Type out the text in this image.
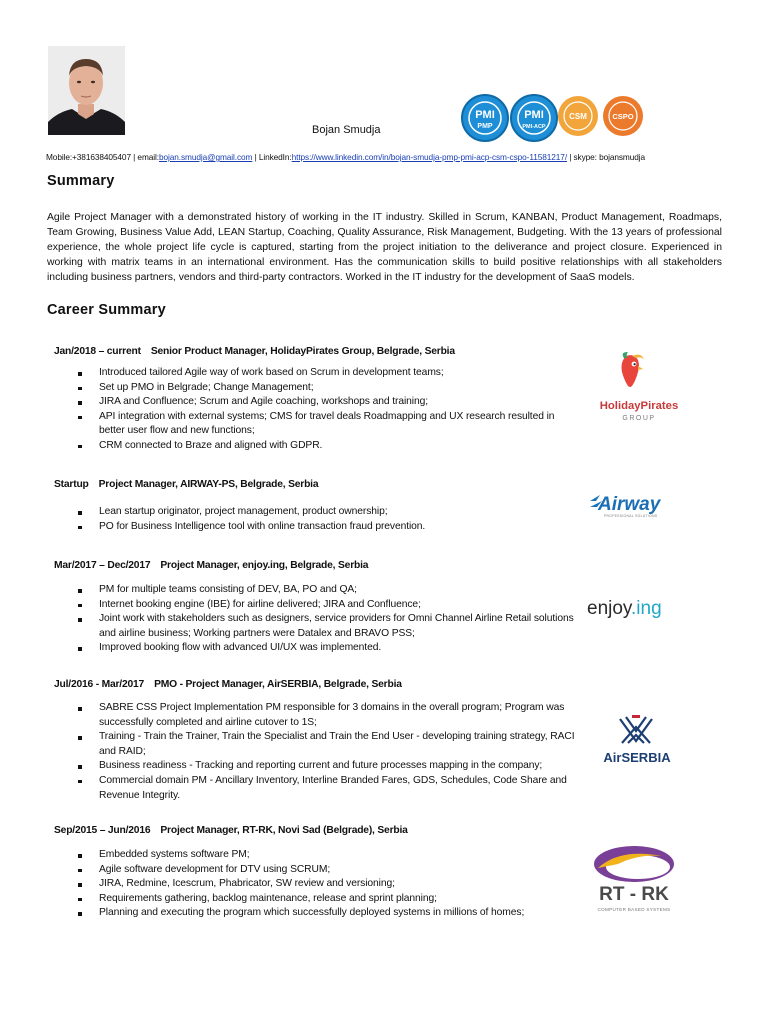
Bojan Smudja
PMI
PMP
PMI
PMI-ACP
CSM	CSPO
Mobile:+381638405407 | email:bojan.smudja@gmail.com | LinkedIn:https://www.linkedin.com/in/bojan-smudja-pmp-pmi-acp-csm-cspo-11581217/ | skype: bojansmudja
Summary
Agile Project Manager with a demonstrated history of working in the IT industry. Skilled in Scrum, KANBAN, Product Management, Roadmaps, Team Growing, Business Value Add, LEAN Startup, Coaching, Quality Assurance, Risk Management, Budgeting. With the 13 years of professional experience, the whole project life cycle is captured, starting from the project initiation to the deliverance and project closure. Experienced in working with matrix teams in an international environment. Has the communication skills to build positive relationships with all stakeholders including business partners, vendors and third-party contractors. Worked in the IT industry for the development of SaaS models.
Career Summary
Jan/2018 – current Senior Product Manager, HolidayPirates Group, Belgrade, Serbia
Introduced tailored Agile way of work based on Scrum in development teams;
Set up PMO in Belgrade; Change Management;
JIRA and Confluence; Scrum and Agile coaching, workshops and training;
API integration with external systems; CMS for travel deals Roadmapping and UX research resulted in better user flow and new functions;
CRM connected to Braze and aligned with GDPR.
HolidayPirates
GROUP
Startup Project Manager, AIRWAY-PS, Belgrade, Serbia
Lean startup originator, project management, product ownership;
PO for Business Intelligence tool with online transaction fraud prevention.
Airway
PROFESSIONAL SOLUTIONS
Mar/2017 – Dec/2017 Project Manager, enjoy.ing, Belgrade, Serbia
PM for multiple teams consisting of DEV, BA, PO and QA;
Internet booking engine (IBE) for airline delivered; JIRA and Confluence;
Joint work with stakeholders such as designers, service providers for Omni Channel Airline Retail solutions and airline business; Working partners were Datalex and BRAVO PSS;
Improved booking flow with advanced UI/UX was implemented.
enjoy.ing
Jul/2016 - Mar/2017 PMO - Project Manager, AirSERBIA, Belgrade, Serbia
SABRE CSS Project Implementation PM responsible for 3 domains in the overall program; Program was successfully completed and airline cutover to 1S;
Training - Train the Trainer, Train the Specialist and Train the End User - developing training strategy, RACI and RAID;
Business readiness - Tracking and reporting current and future processes mapping in the company;
Commercial domain PM - Ancillary Inventory, Interline Branded Fares, GDS, Schedules, Code Share and Revenue Integrity.
AirSERBIA
Sep/2015 – Jun/2016 Project Manager, RT-RK, Novi Sad (Belgrade), Serbia
Embedded systems software PM;
Agile software development for DTV using SCRUM;
JIRA, Redmine, Icescrum, Phabricator, SW review and versioning;
Requirements gathering, backlog maintenance, release and sprint planning;
Planning and executing the program which successfully deployed systems in millions of homes;
RT - RK
COMPUTER BASED SYSTEMS
